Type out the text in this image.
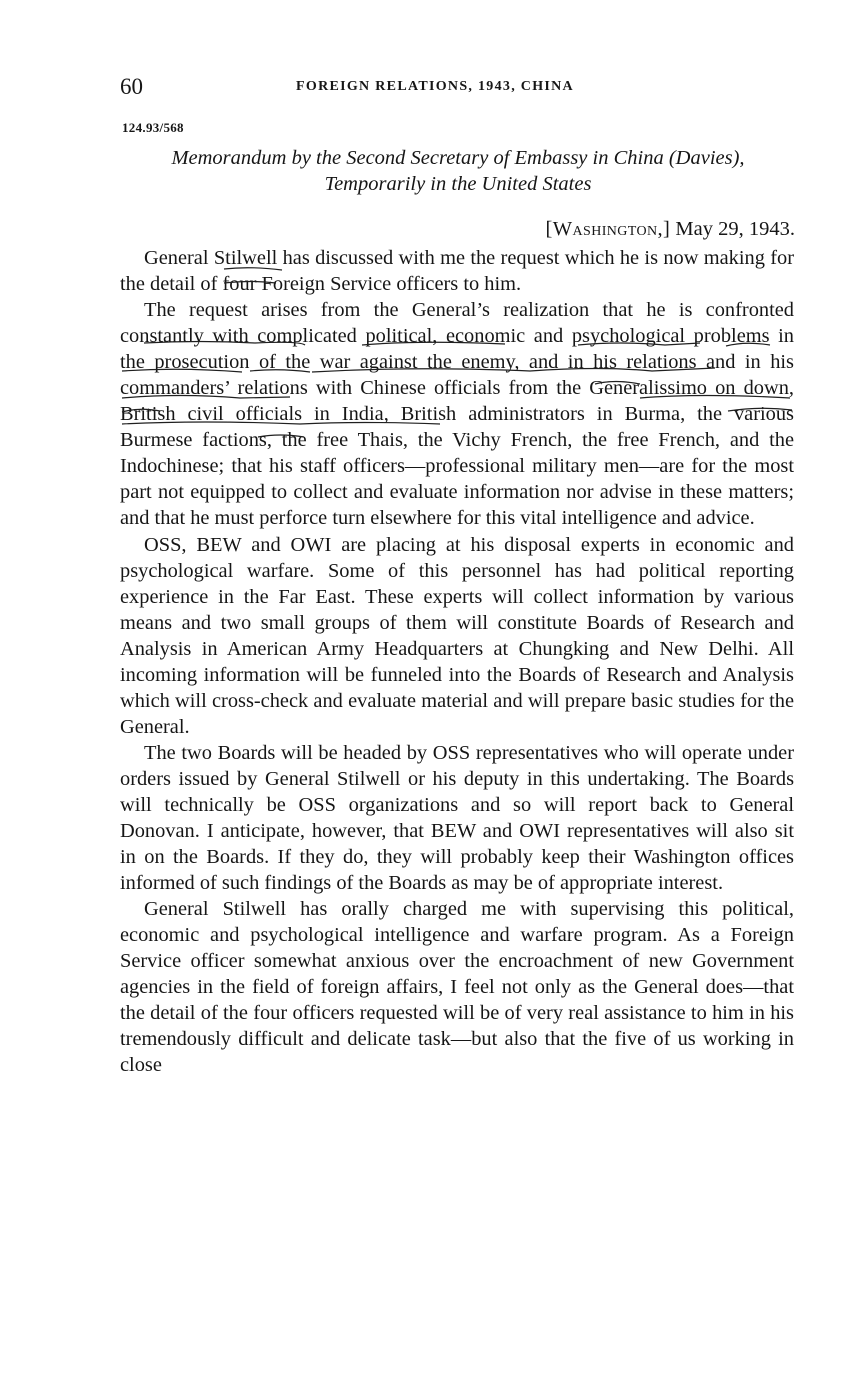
60	FOREIGN RELATIONS, 1943, CHINA
124.93/568
Memorandum by the Second Secretary of Embassy in China (Davies),
Temporarily in the United States
[Washington,] May 29, 1943.

General Stilwell has discussed with me the request which he is now making for the detail of four Foreign Service officers to him.

The request arises from the General’s realization that he is confronted constantly with complicated political, economic and psychological problems in the prosecution of the war against the enemy, and in his relations and in his commanders’ relations with Chinese officials from the Generalissimo on down, British civil officials in India, British administrators in Burma, the various Burmese factions, the free Thais, the Vichy French, the free French, and the Indochinese; that his staff officers—professional military men—are for the most part not equipped to collect and evaluate information nor advise in these matters; and that he must perforce turn elsewhere for this vital intelligence and advice.

OSS, BEW and OWI are placing at his disposal experts in economic and psychological warfare. Some of this personnel has had political reporting experience in the Far East. These experts will collect information by various means and two small groups of them will constitute Boards of Research and Analysis in American Army Headquarters at Chungking and New Delhi. All incoming information will be funneled into the Boards of Research and Analysis which will cross-check and evaluate material and will prepare basic studies for the General.

The two Boards will be headed by OSS representatives who will operate under orders issued by General Stilwell or his deputy in this undertaking. The Boards will technically be OSS organizations and so will report back to General Donovan. I anticipate, however, that BEW and OWI representatives will also sit in on the Boards. If they do, they will probably keep their Washington offices informed of such findings of the Boards as may be of appropriate interest.

General Stilwell has orally charged me with supervising this political, economic and psychological intelligence and warfare program. As a Foreign Service officer somewhat anxious over the encroachment of new Government agencies in the field of foreign affairs, I feel not only as the General does—that the detail of the four officers requested will be of very real assistance to him in his tremendously difficult and delicate task—but also that the five of us working in close
